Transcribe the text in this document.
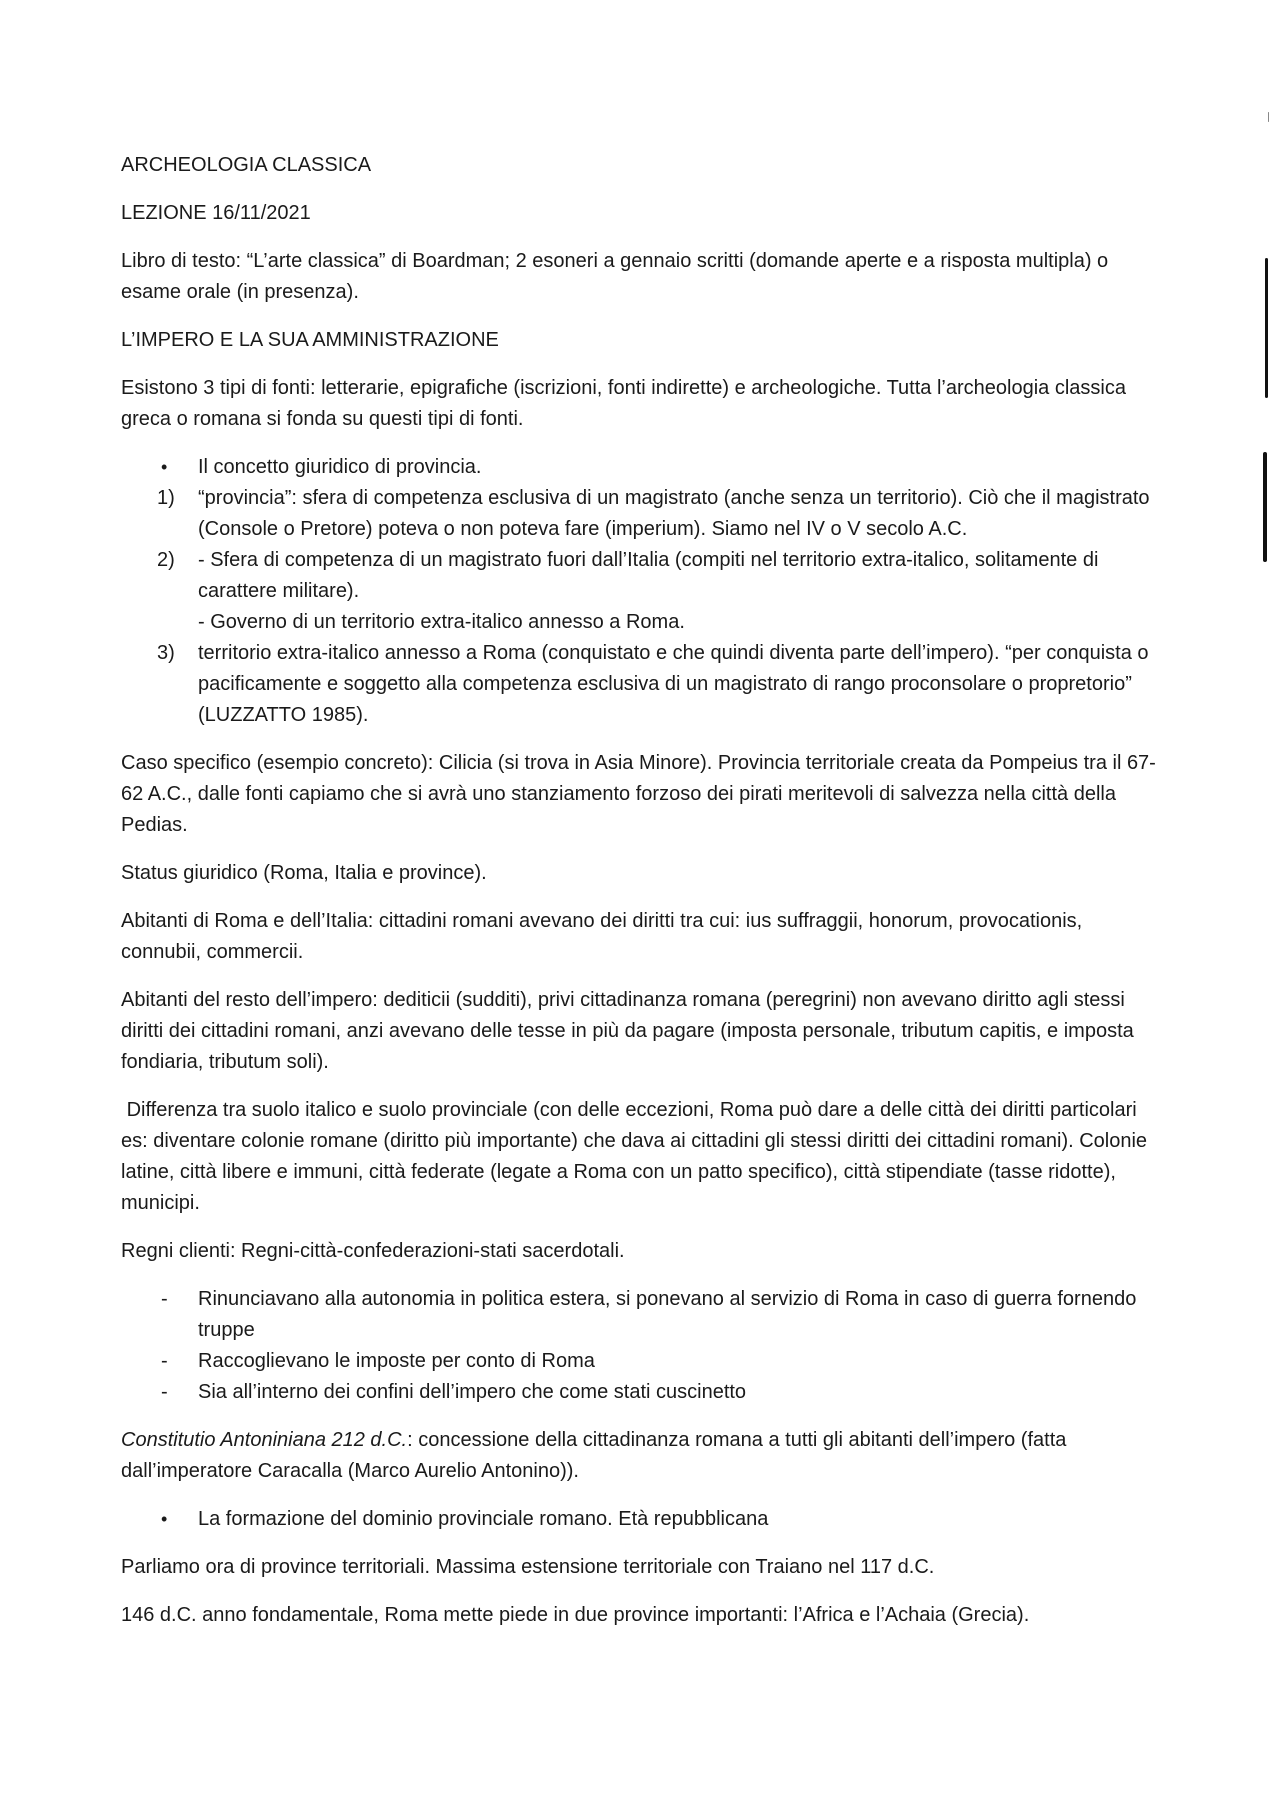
ARCHEOLOGIA CLASSICA

LEZIONE 16/11/2021

Libro di testo: “L’arte classica” di Boardman; 2 esoneri a gennaio scritti (domande aperte e a risposta multipla) o esame orale (in presenza).

L’IMPERO E LA SUA AMMINISTRAZIONE

Esistono 3 tipi di fonti: letterarie, epigrafiche (iscrizioni, fonti indirette) e archeologiche. Tutta l’archeologia classica greca o romana si fonda su questi tipi di fonti.

• Il concetto giuridico di provincia.
1) “provincia”: sfera di competenza esclusiva di un magistrato (anche senza un territorio). Ciò che il magistrato (Console o Pretore) poteva o non poteva fare (imperium). Siamo nel IV o V secolo A.C.
2) - Sfera di competenza di un magistrato fuori dall’Italia (compiti nel territorio extra-italico, solitamente di carattere militare).
- Governo di un territorio extra-italico annesso a Roma.
3) territorio extra-italico annesso a Roma (conquistato e che quindi diventa parte dell’impero). “per conquista o pacificamente e soggetto alla competenza esclusiva di un magistrato di rango proconsolare o propretorio” (LUZZATTO 1985).

Caso specifico (esempio concreto): Cilicia (si trova in Asia Minore). Provincia territoriale creata da Pompeius tra il 67-62 A.C., dalle fonti capiamo che si avrà uno stanziamento forzoso dei pirati meritevoli di salvezza nella città della Pedias.

Status giuridico (Roma, Italia e province).

Abitanti di Roma e dell’Italia: cittadini romani avevano dei diritti tra cui: ius suffraggii, honorum, provocationis, connubii, commercii.

Abitanti del resto dell’impero: dediticii (sudditi), privi cittadinanza romana (peregrini) non avevano diritto agli stessi diritti dei cittadini romani, anzi avevano delle tesse in più da pagare (imposta personale, tributum capitis, e imposta fondiaria, tributum soli).

Differenza tra suolo italico e suolo provinciale (con delle eccezioni, Roma può dare a delle città dei diritti particolari es: diventare colonie romane (diritto più importante) che dava ai cittadini gli stessi diritti dei cittadini romani). Colonie latine, città libere e immuni, città federate (legate a Roma con un patto specifico), città stipendiate (tasse ridotte), municipi.

Regni clienti: Regni-città-confederazioni-stati sacerdotali.

- Rinunciavano alla autonomia in politica estera, si ponevano al servizio di Roma in caso di guerra fornendo truppe
- Raccoglievano le imposte per conto di Roma
- Sia all’interno dei confini dell’impero che come stati cuscinetto

Constitutio Antoniniana 212 d.C.: concessione della cittadinanza romana a tutti gli abitanti dell’impero (fatta dall’imperatore Caracalla (Marco Aurelio Antonino)).

• La formazione del dominio provinciale romano. Età repubblicana

Parliamo ora di province territoriali. Massima estensione territoriale con Traiano nel 117 d.C.

146 d.C. anno fondamentale, Roma mette piede in due province importanti: l’Africa e l’Achaia (Grecia).
